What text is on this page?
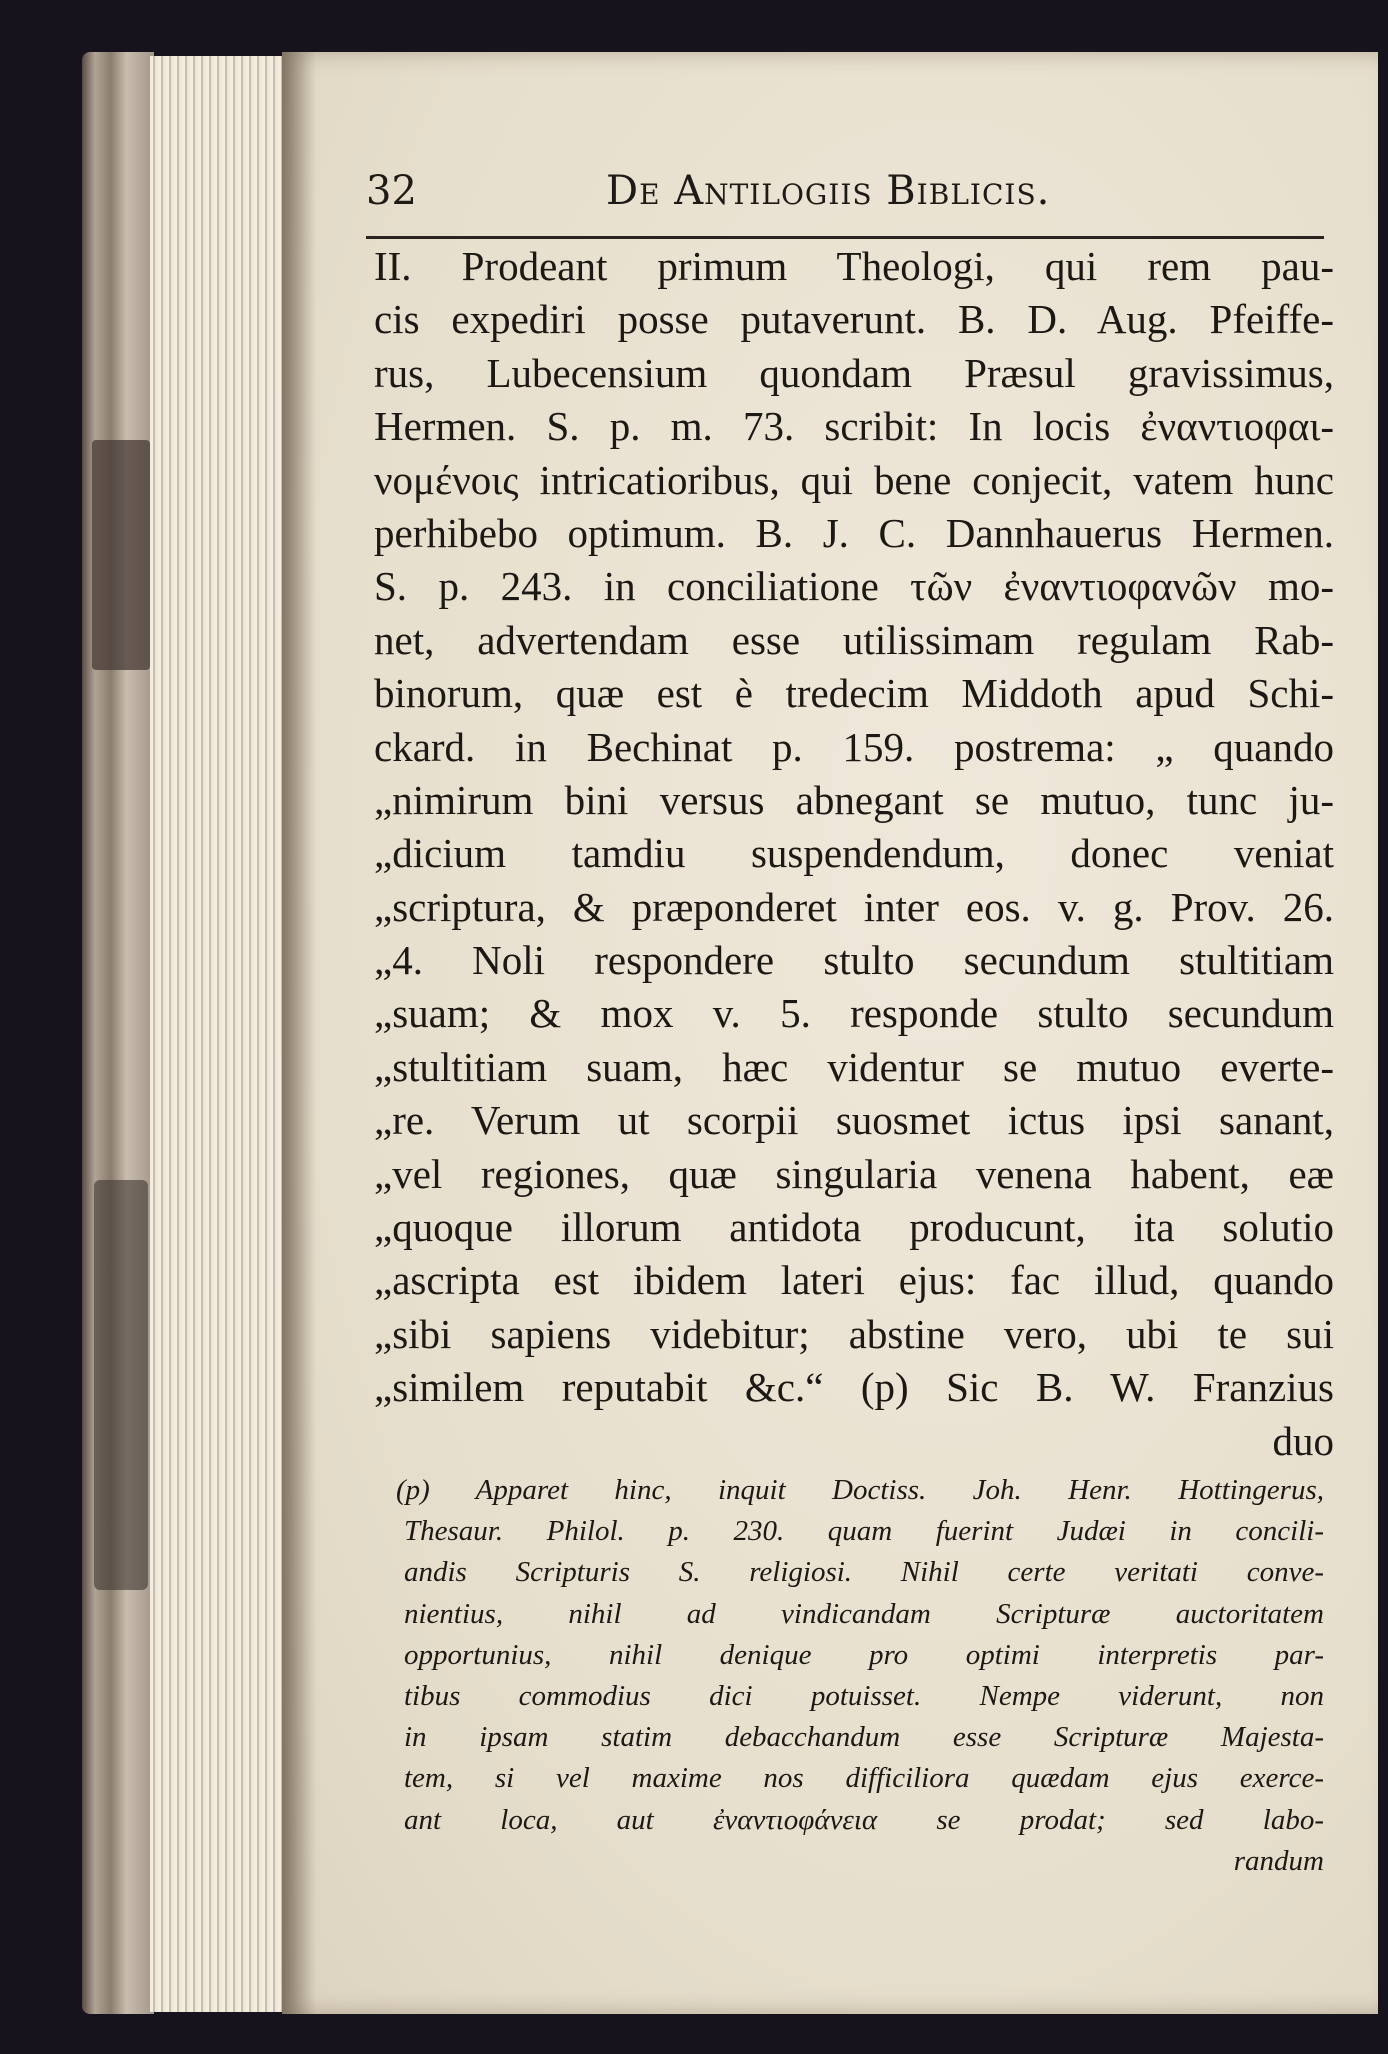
32	De Antilogiis Biblicis.
II. Prodeant primum Theologi, qui rem pau-
cis expediri posse putaverunt. B. D. Aug. Pfeiffe-
rus, Lubecensium quondam Præsul gravissimus,
Hermen. S. p. m. 73. scribit: In locis ἐναντιοφαι-
νομένοις intricatioribus, qui bene conjecit, vatem hunc
perhibebo optimum. B. J. C. Dannhauerus Hermen.
S. p. 243. in conciliatione τῶν ἐναντιοφανῶν mo-
net, advertendam esse utilissimam regulam Rab-
binorum, quæ est è tredecim Middoth apud Schi-
ckard. in Bechinat p. 159. postrema: „ quando
„nimirum bini versus abnegant se mutuo, tunc ju-
„dicium tamdiu suspendendum, donec veniat
„scriptura, & præponderet inter eos. v. g. Prov. 26.
„4. Noli respondere stulto secundum stultitiam
„suam; & mox v. 5. responde stulto secundum
„stultitiam suam, hæc videntur se mutuo everte-
„re. Verum ut scorpii suosmet ictus ipsi sanant,
„vel regiones, quæ singularia venena habent, eæ
„quoque illorum antidota producunt, ita solutio
„ascripta est ibidem lateri ejus: fac illud, quando
„sibi sapiens videbitur; abstine vero, ubi te sui
„similem reputabit &c.“ (p) Sic B. W. Franzius
duo
(p) Apparet hinc, inquit Doctiss. Joh. Henr. Hottingerus,
Thesaur. Philol. p. 230. quam fuerint Judæi in concili-
andis Scripturis S. religiosi. Nihil certe veritati conve-
nientius, nihil ad vindicandam Scripturæ auctoritatem
opportunius, nihil denique pro optimi interpretis par-
tibus commodius dici potuisset. Nempe viderunt, non
in ipsam statim debacchandum esse Scripturæ Majesta-
tem, si vel maxime nos difficiliora quædam ejus exerce-
ant loca, aut ἐναντιοφάνεια se prodat; sed labo-
randum
